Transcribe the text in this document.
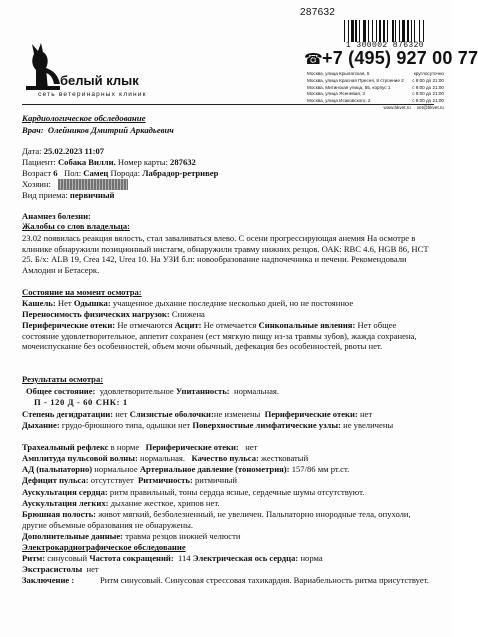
287632
1 300002 876320
белый клык
сеть ветеринарных клиник
☎ +7 (495) 927 00 77
Москва, улица Крылатская, 5	круглосуточно
Москва, улица Красная Пресня, 8 строение 2 с 9:00 до 21:00
Москва, Митинская улица, 55, корпус 1	с 9:00 до 21:00
Москва, улица Ясеневая, 3	с 9:00 до 21:00
Москва, улица Исаковского, 2	с 9:00 до 21:00
www.bkvet.ru vet@bkvet.ru
Кардиологическое обследование
Врач: Олейников Дмитрий Аркадьевич
Дата: 25.02.2023 11:07
Пациент: Собака Вилли. Номер карты: 287632
Возраст 6 Пол: Самец Порода: Лабрадор-ретривер
Хозяин:
Вид приема: первичный
Анамнез болезни:
Жалобы со слов владельца:
23.02 появилась реакция вялость, стал заваливаться влево. С осени прогрессирующая анемия На осмотре в клинике обнаружили позиционный нистагм, обнаружили травму нижних резцов. ОАК: RBC 4.6, HGB 86, HCT 25. Б/х: ALB 19, Crea 142, Urea 10. На УЗИ б.п: новообразование надпочечника и печени. Рекомендовали Амлодин и Бетасерк.
Состояние на момент осмотра:
Кашель: Нет Одышка: учащенное дыхание последние несколько дней, но не постоянное
Переносимость физических нагрузок: Снижена
Периферические отеки: Не отмечаются Асцит: Не отмечается Синкопальные явления: Нет общее состояние удовлетворительное, аппетит сохранен (ест мягкую пищу из-за травмы зубов), жажда сохранена, мочеиспускание без особенностей, объем мочи обычный, дефекация без особенностей, рвоты нет.
Результаты осмотра:
Общее состояние: удовлетворительное Упитанность: нормальная.
П - 120 Д - 60 СНК: 1
Степень дегидратации: нет Слизистые оболочки:не изменены Периферические отеки: нет
Дыхание: грудо-брюшного типа, одышки нет Поверхностные лимфатические узлы: не увеличены
Трахеальный рефлекс в норме Периферические отеки: нет
Амплитуда пульсовой волны: нормальная. Качество пульса: жестковатый
АД (пальпаторно) нормальное Артериальное давление (тонометрия): 157/86 мм рт.ст.
Дефицит пульса: отсутствует Ритмичность: ритмичный
Аускультация сердца: ритм правильный, тоны сердца ясные, сердечные шумы отсутствуют.
Аускультация легких: дыхание жесткое, хрипов нет.
Брюшная полость: живот мягкий, безболезненный, не увеличен. Пальпаторно инородные тела, опухоли, другие объемные образования не обнаружены.
Дополнительные данные: травма резцов нижней челюсти
Электрокардиографическое обследование
Ритм: синусовый Частота сокращений: 114 Электрическая ось сердца: норма
Экстрасистолы нет
Заключение :	Ритм синусовый. Синусовая стрессовая тахикардия. Вариабельность ритма присутствует.
